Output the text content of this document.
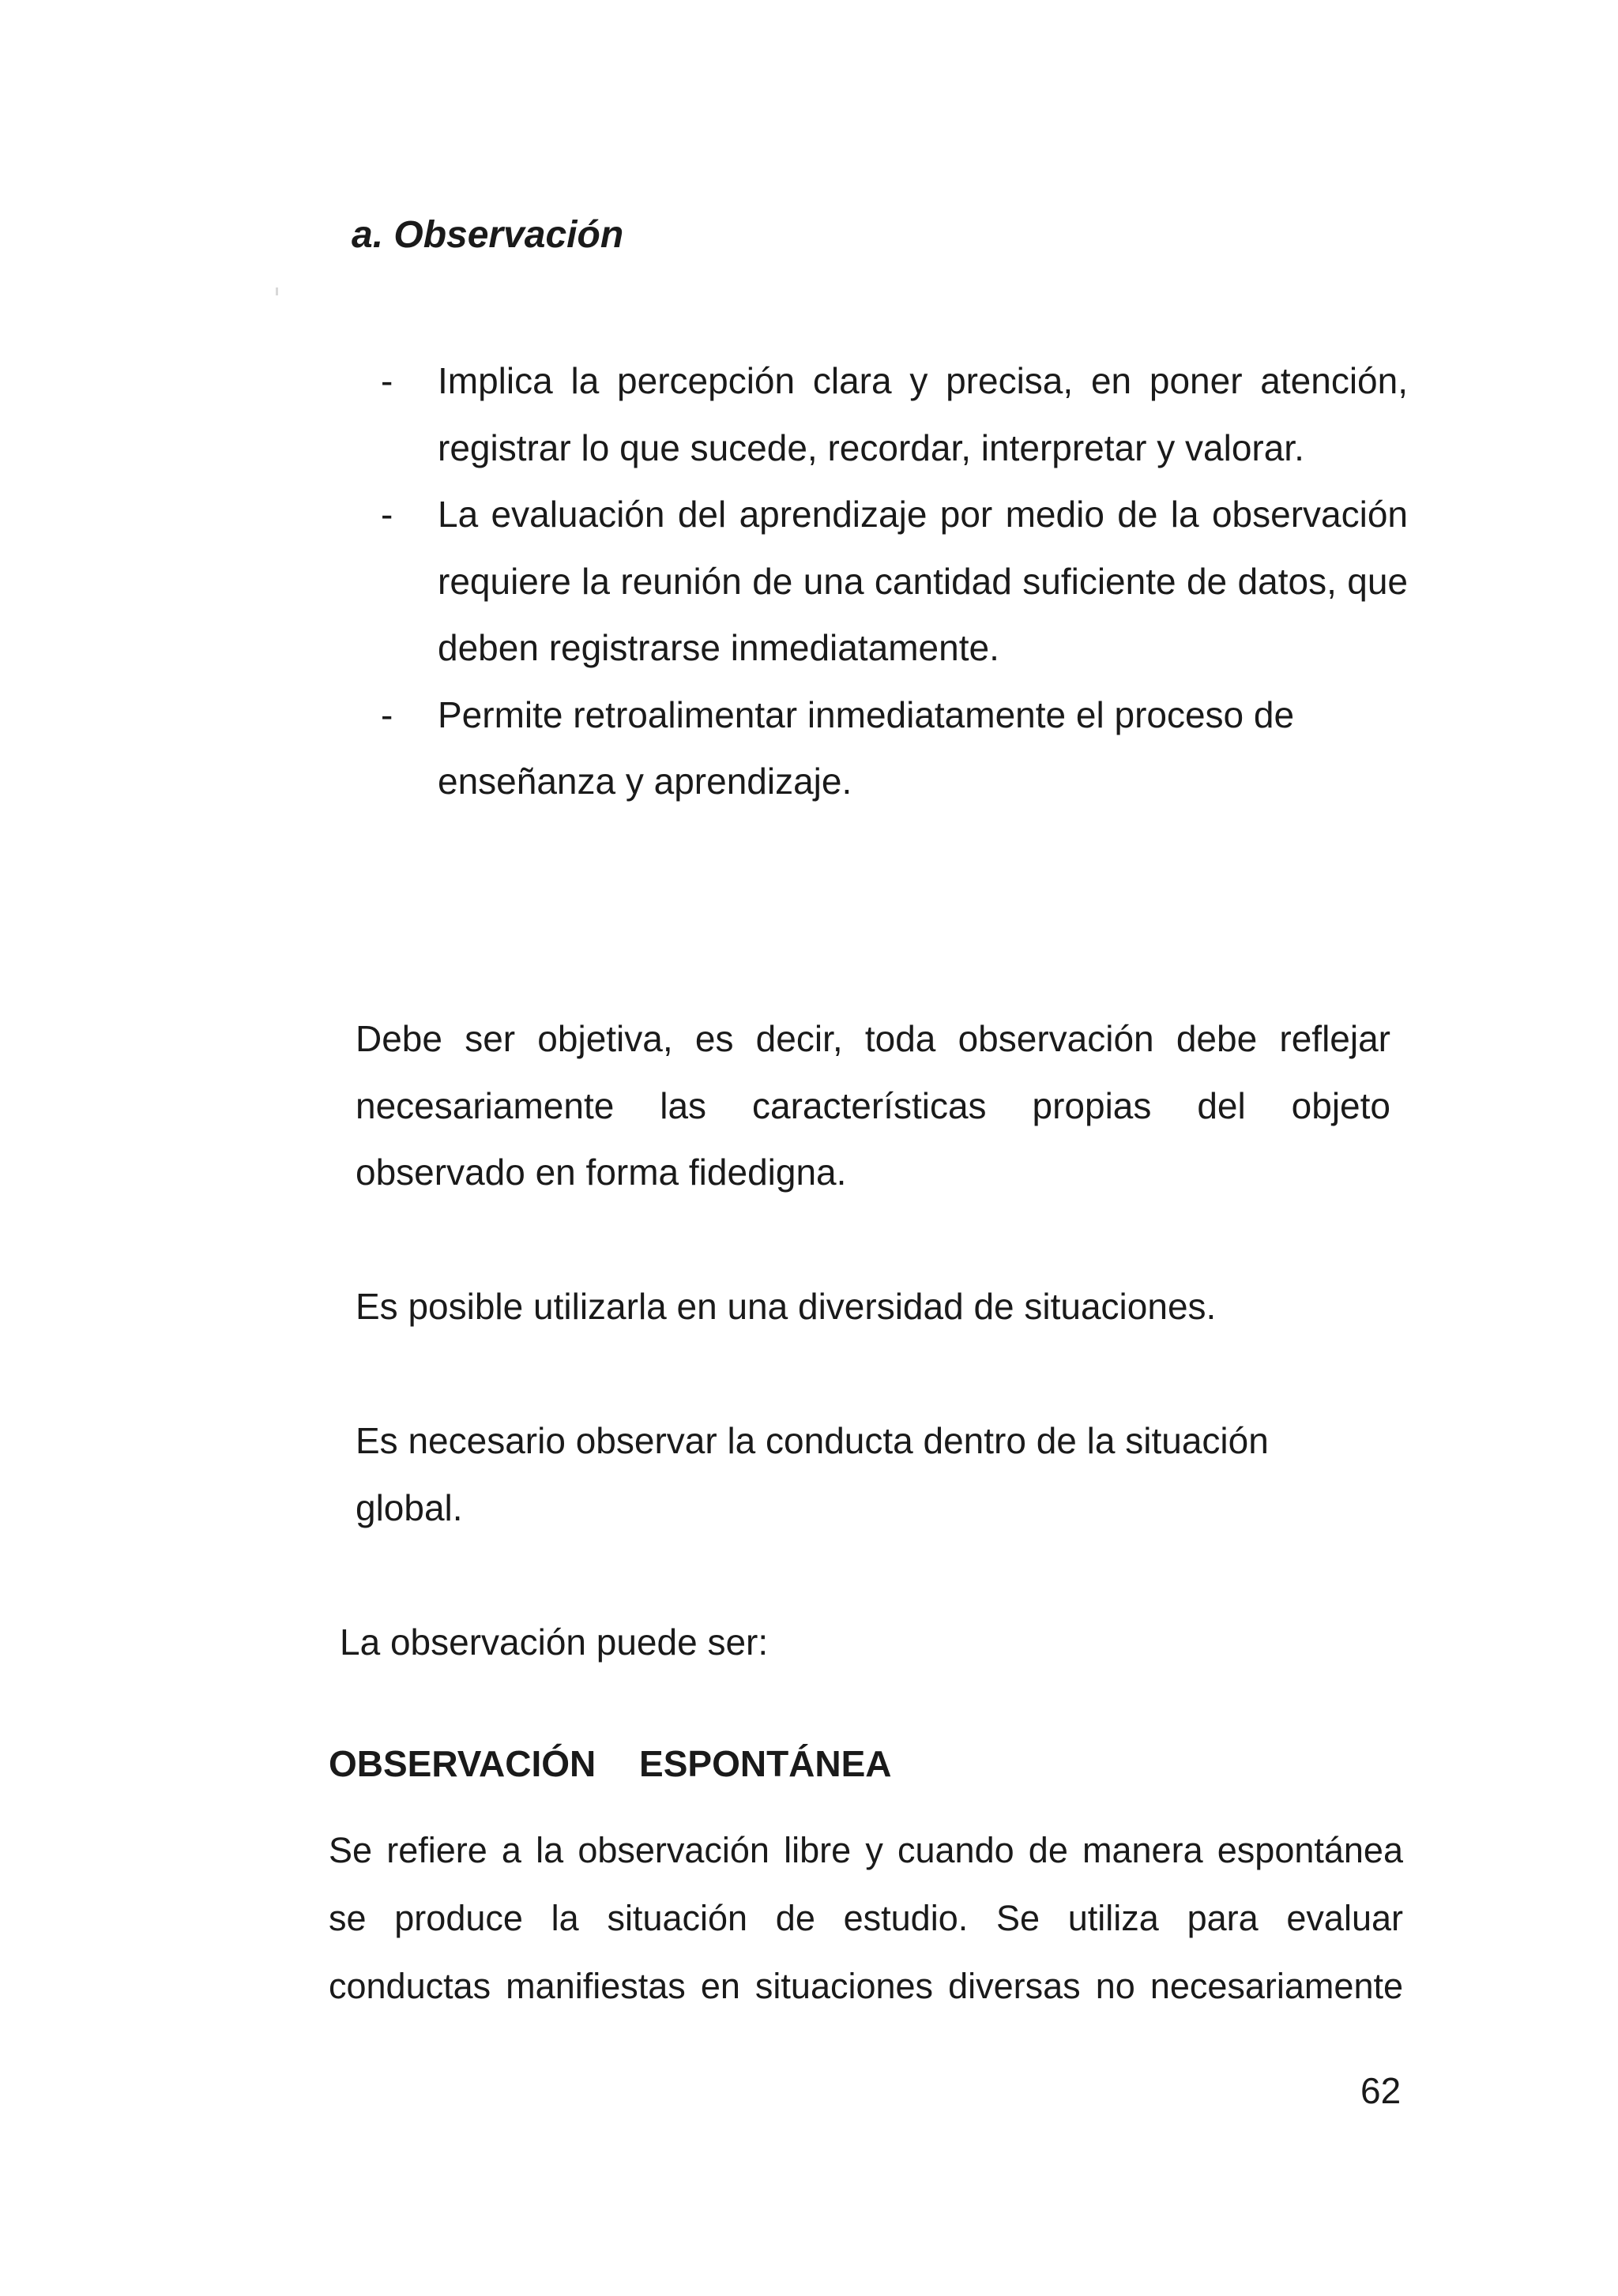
a. Observación
- Implica la percepción clara y precisa, en poner atención, registrar lo que sucede, recordar, interpretar y valorar.
- La evaluación del aprendizaje por medio de la observación requiere la reunión de una cantidad suficiente de datos, que deben registrarse inmediatamente.
- Permite retroalimentar inmediatamente el proceso de enseñanza y aprendizaje.

Debe ser objetiva, es decir, toda observación debe reflejar necesariamente las características propias del objeto observado en forma fidedigna.

Es posible utilizarla en una diversidad de situaciones.

Es necesario observar la conducta dentro de la situación global.

La observación puede ser:

OBSERVACIÓN ESPONTÁNEA

Se refiere a la observación libre y cuando de manera espontánea se produce la situación de estudio. Se utiliza para evaluar conductas manifiestas en situaciones diversas no necesariamente

62
